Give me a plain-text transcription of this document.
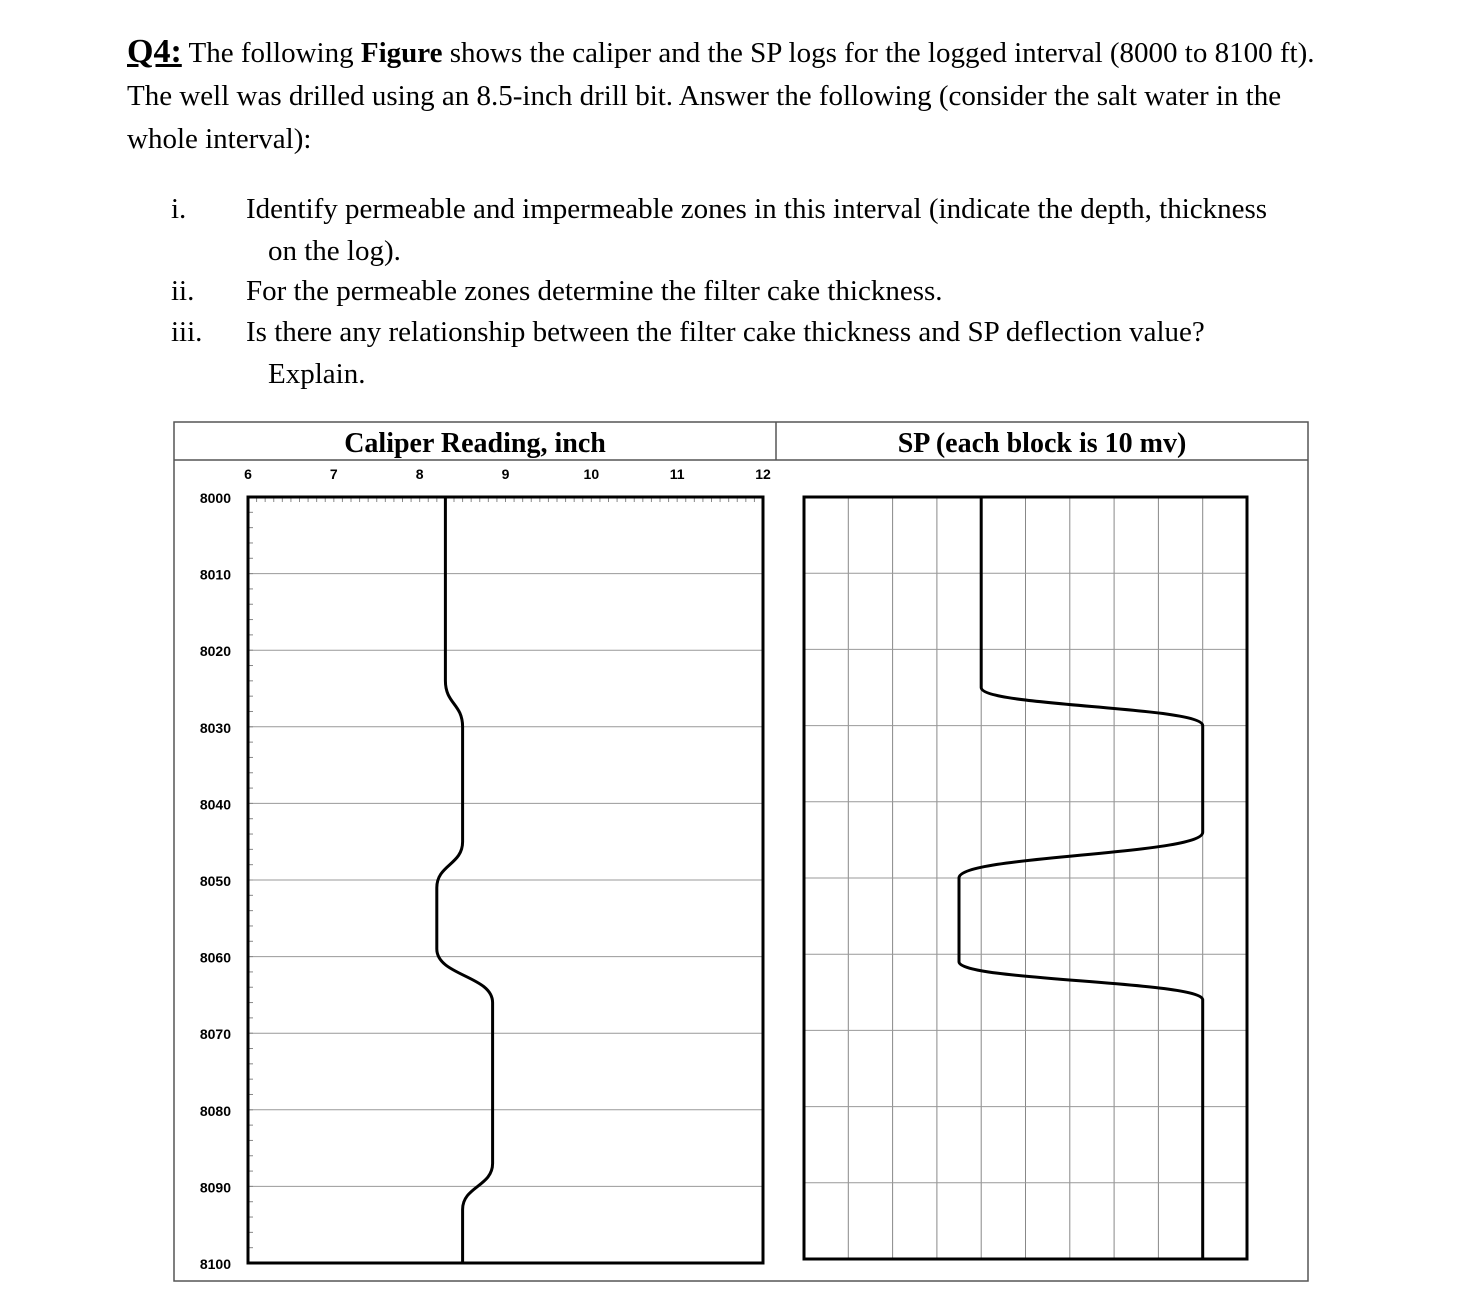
Q4: The following Figure shows the caliper and the SP logs for the logged interval (8000 to 8100 ft). The well was drilled using an 8.5-inch drill bit. Answer the following (consider the salt water in the whole interval):
i. Identify permeable and impermeable zones in this interval (indicate the depth, thickness
on the log).
ii. For the permeable zones determine the filter cake thickness.
iii. Is there any relationship between the filter cake thickness and SP deflection value?
Explain.
Caliper Reading, inch	SP (each block is 10 mv)
6	7	8	9	10	11	12
8000
8010
8020
8030
8040
8050
8060
8070
8080
8090
8100
